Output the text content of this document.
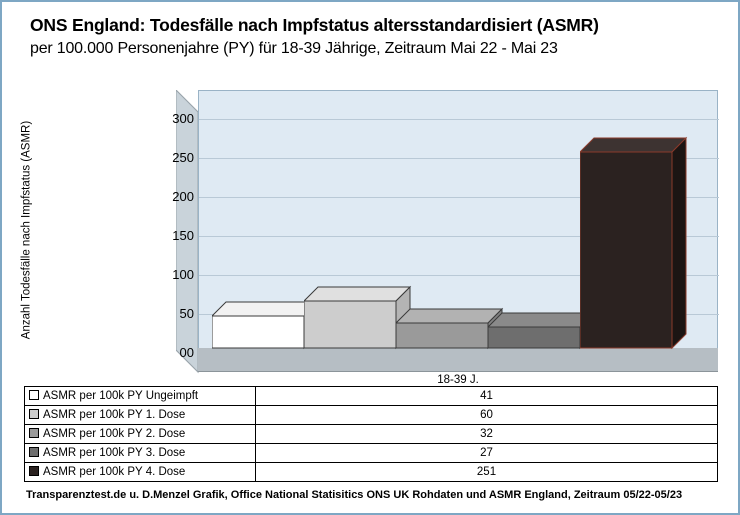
ONS England: Todesfälle nach Impfstatus altersstandardisiert (ASMR)
per 100.000 Personenjahre (PY) für 18-39 Jährige, Zeitraum Mai 22 - Mai 23
Anzahl Todesfälle nach Impfstatus (ASMR)
300
250
200
150
100
50
00
18-39 J.
ASMR per 100k PY Ungeimpft	41
ASMR per 100k PY 1. Dose	60
ASMR per 100k PY 2. Dose	32
ASMR per 100k PY 3. Dose	27
ASMR per 100k PY 4. Dose	251
Transparenztest.de u. D.Menzel Grafik, Office National Statisitics ONS UK Rohdaten und ASMR England, Zeitraum 05/22-05/23
